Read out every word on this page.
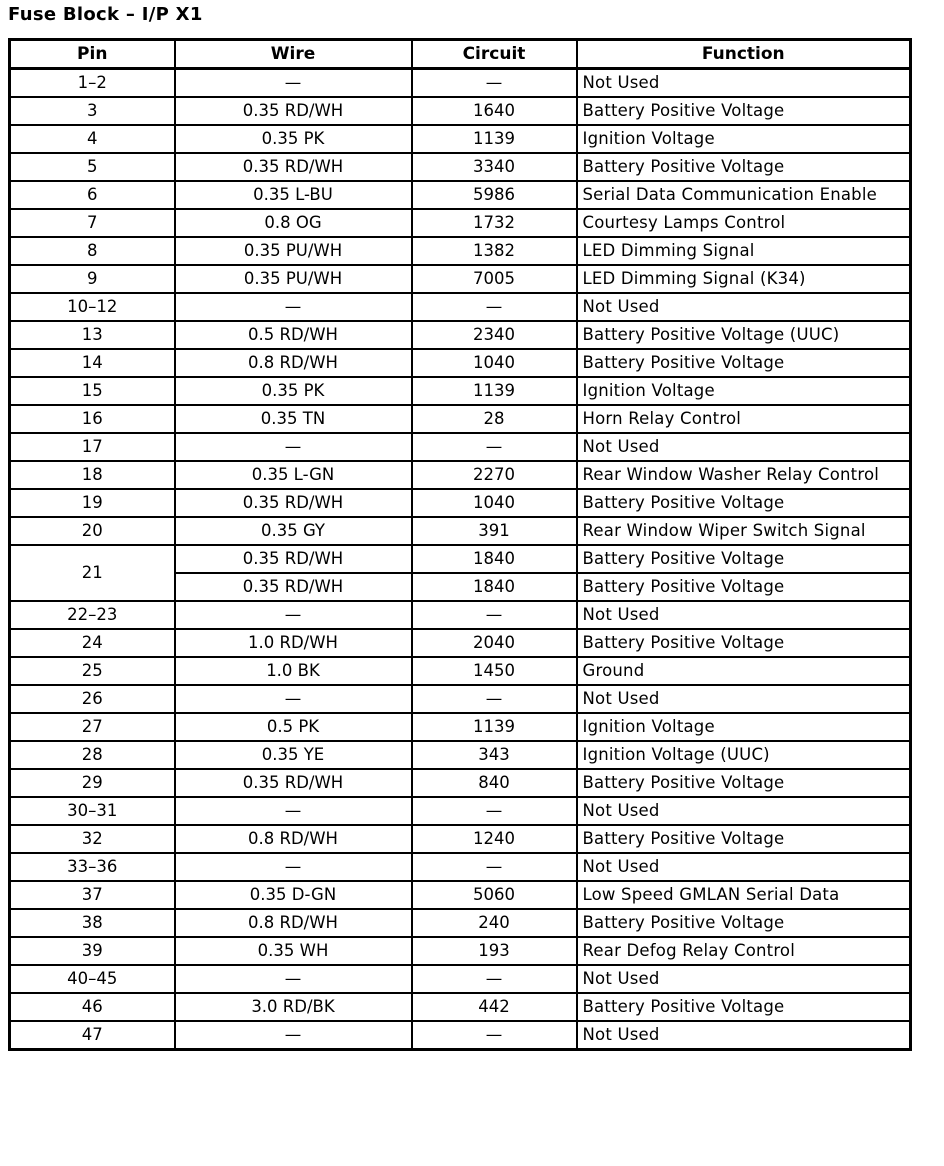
Fuse Block – I/P X1
Pin	Wire	Circuit	Function
1–2	—	—	Not Used
3	0.35 RD/WH	1640	Battery Positive Voltage
4	0.35 PK	1139	Ignition Voltage
5	0.35 RD/WH	3340	Battery Positive Voltage
6	0.35 L-BU	5986	Serial Data Communication Enable
7	0.8 OG	1732	Courtesy Lamps Control
8	0.35 PU/WH	1382	LED Dimming Signal
9	0.35 PU/WH	7005	LED Dimming Signal (K34)
10–12	—	—	Not Used
13	0.5 RD/WH	2340	Battery Positive Voltage (UUC)
14	0.8 RD/WH	1040	Battery Positive Voltage
15	0.35 PK	1139	Ignition Voltage
16	0.35 TN	28	Horn Relay Control
17	—	—	Not Used
18	0.35 L-GN	2270	Rear Window Washer Relay Control
19	0.35 RD/WH	1040	Battery Positive Voltage
20	0.35 GY	391	Rear Window Wiper Switch Signal
21	0.35 RD/WH	1840	Battery Positive Voltage
	0.35 RD/WH	1840	Battery Positive Voltage
22–23	—	—	Not Used
24	1.0 RD/WH	2040	Battery Positive Voltage
25	1.0 BK	1450	Ground
26	—	—	Not Used
27	0.5 PK	1139	Ignition Voltage
28	0.35 YE	343	Ignition Voltage (UUC)
29	0.35 RD/WH	840	Battery Positive Voltage
30–31	—	—	Not Used
32	0.8 RD/WH	1240	Battery Positive Voltage
33–36	—	—	Not Used
37	0.35 D-GN	5060	Low Speed GMLAN Serial Data
38	0.8 RD/WH	240	Battery Positive Voltage
39	0.35 WH	193	Rear Defog Relay Control
40–45	—	—	Not Used
46	3.0 RD/BK	442	Battery Positive Voltage
47	—	—	Not Used
